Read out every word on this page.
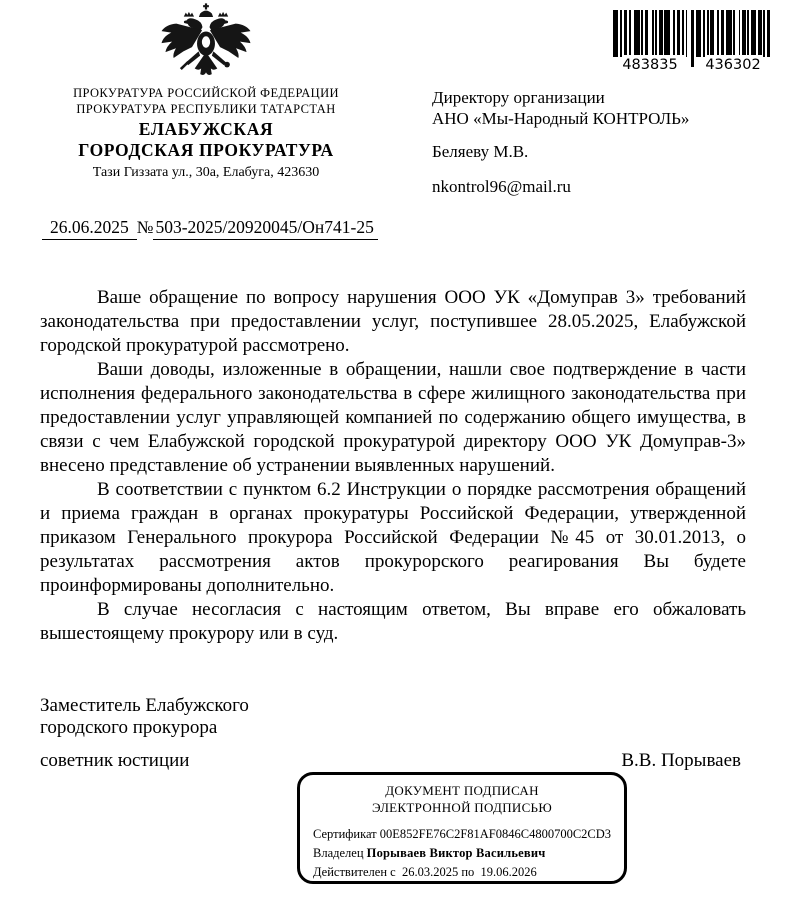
ПРОКУРАТУРА РОССИЙСКОЙ ФЕДЕРАЦИИ
ПРОКУРАТУРА РЕСПУБЛИКИ ТАТАРСТАН
ЕЛАБУЖСКАЯ
ГОРОДСКАЯ ПРОКУРАТУРА
Тази Гиззата ул., 30а, Елабуга, 423630
483835	436302
Директору организации
АНО «Мы-Народный КОНТРОЛЬ»
Беляеву М.В.
nkontrol96@mail.ru
26.06.2025 № 503-2025/20920045/Он741-25

Ваше обращение по вопросу нарушения ООО УК «Домуправ 3» требований законодательства при предоставлении услуг, поступившее 28.05.2025, Елабужской городской прокуратурой рассмотрено.

Ваши доводы, изложенные в обращении, нашли свое подтверждение в части исполнения федерального законодательства в сфере жилищного законодательства при предоставлении услуг управляющей компанией по содержанию общего имущества, в связи с чем Елабужской городской прокуратурой директору ООО УК Домуправ-3» внесено представление об устранении выявленных нарушений.

В соответствии с пунктом 6.2 Инструкции о порядке рассмотрения обращений и приема граждан в органах прокуратуры Российской Федерации, утвержденной приказом Генерального прокурора Российской Федерации №45 от 30.01.2013, о результатах рассмотрения актов прокурорского реагирования Вы будете проинформированы дополнительно.

В случае несогласия с настоящим ответом, Вы вправе его обжаловать вышестоящему прокурору или в суд.

Заместитель Елабужского
городского прокурора
советник юстиции	В.В. Порываев
ДОКУМЕНТ ПОДПИСАН
ЭЛЕКТРОННОЙ ПОДПИСЬЮ
Сертификат 00E852FE76C2F81AF0846C4800700C2CD3
Владелец Порываев Виктор Васильевич
Действителен с 26.03.2025 по 19.06.2026
